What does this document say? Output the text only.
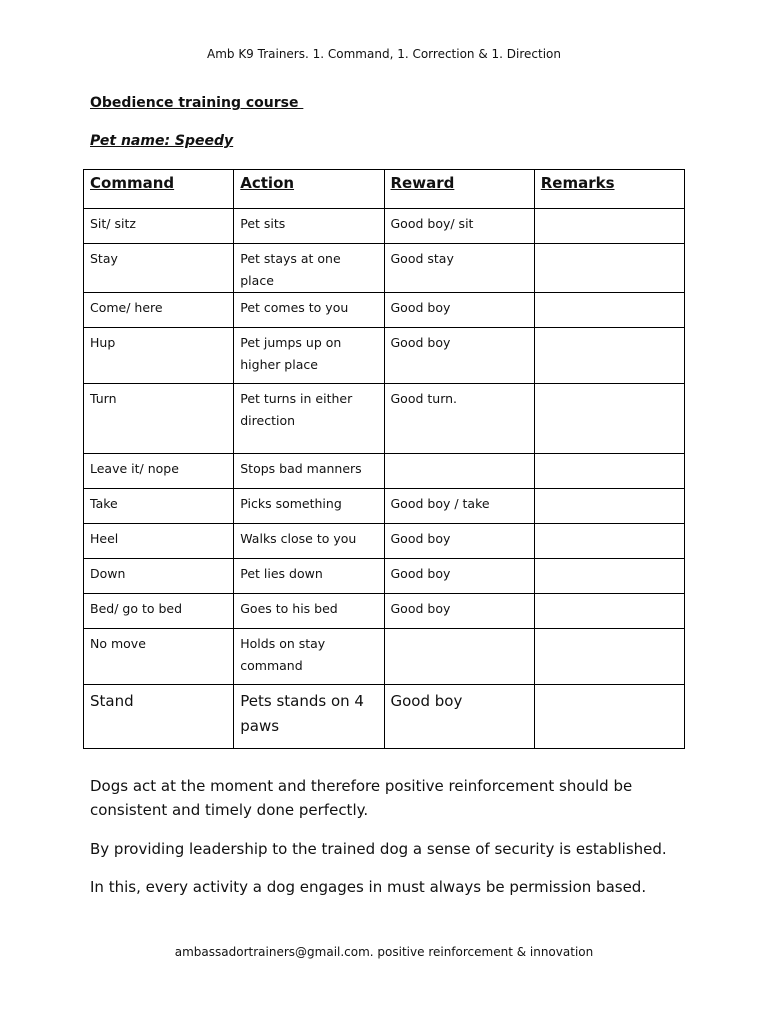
Amb K9 Trainers. 1. Command, 1. Correction & 1. Direction
Obedience training course
Pet name: Speedy
Command	Action	Reward	Remarks
Sit/ sitz	Pet sits	Good boy/ sit	
Stay	Pet stays at one place	Good stay	
Come/ here	Pet comes to you	Good boy	
Hup	Pet jumps up on higher place	Good boy	
Turn	Pet turns in either direction	Good turn.	
Leave it/ nope	Stops bad manners		
Take	Picks something	Good boy / take	
Heel	Walks close to you	Good boy	
Down	Pet lies down	Good boy	
Bed/ go to bed	Goes to his bed	Good boy	
No move	Holds on stay command		
Stand	Pets stands on 4 paws	Good boy	

Dogs act at the moment and therefore positive reinforcement should be consistent and timely done perfectly.

By providing leadership to the trained dog a sense of security is established.

In this, every activity a dog engages in must always be permission based.

ambassadortrainers@gmail.com. positive reinforcement & innovation
